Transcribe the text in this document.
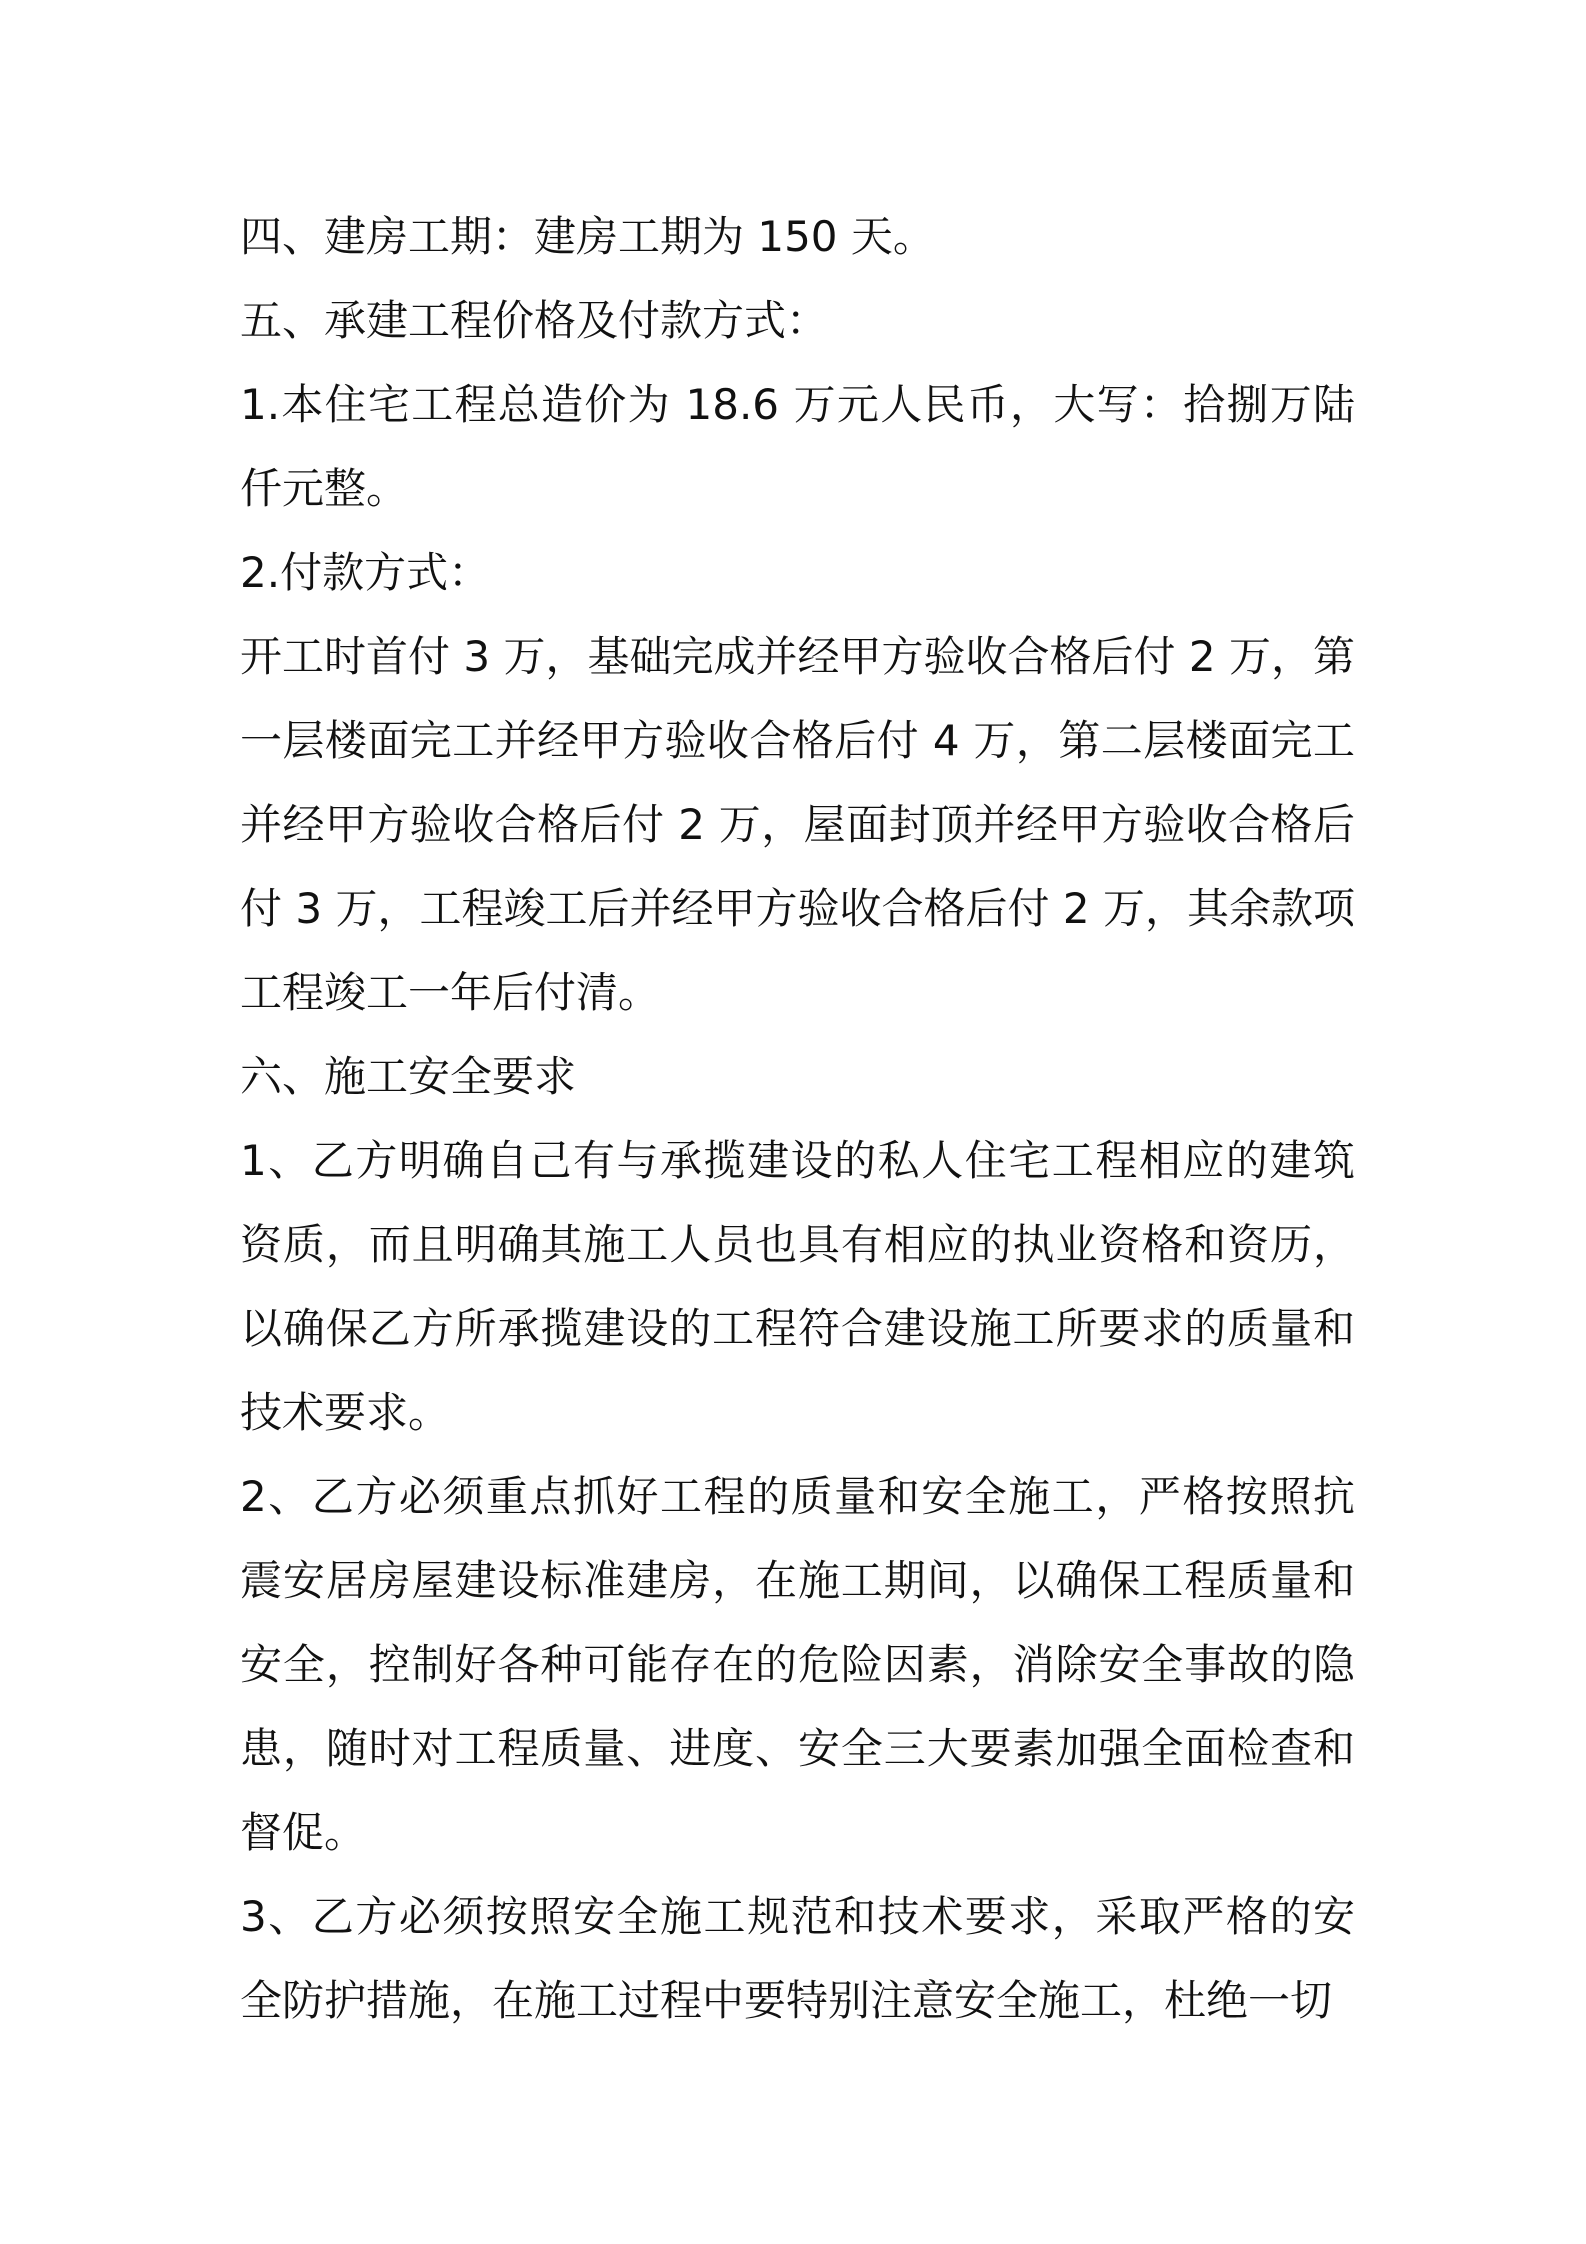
四、建房工期：建房工期为 150 天。

五、承建工程价格及付款方式：

1.本住宅工程总造价为 18.6 万元人民币，大写：拾捌万陆仟元整。

2.付款方式：

开工时首付 3 万，基础完成并经甲方验收合格后付 2 万，第一层楼面完工并经甲方验收合格后付 4 万，第二层楼面完工并经甲方验收合格后付 2 万，屋面封顶并经甲方验收合格后付 3 万，工程竣工后并经甲方验收合格后付 2 万，其余款项工程竣工一年后付清。

六、施工安全要求

1、乙方明确自己有与承揽建设的私人住宅工程相应的建筑资质，而且明确其施工人员也具有相应的执业资格和资历，以确保乙方所承揽建设的工程符合建设施工所要求的质量和技术要求。

2、乙方必须重点抓好工程的质量和安全施工，严格按照抗震安居房屋建设标准建房，在施工期间，以确保工程质量和安全，控制好各种可能存在的危险因素，消除安全事故的隐患，随时对工程质量、进度、安全三大要素加强全面检查和督促。

3、乙方必须按照安全施工规范和技术要求，采取严格的安全防护措施，在施工过程中要特别注意安全施工，杜绝一切
